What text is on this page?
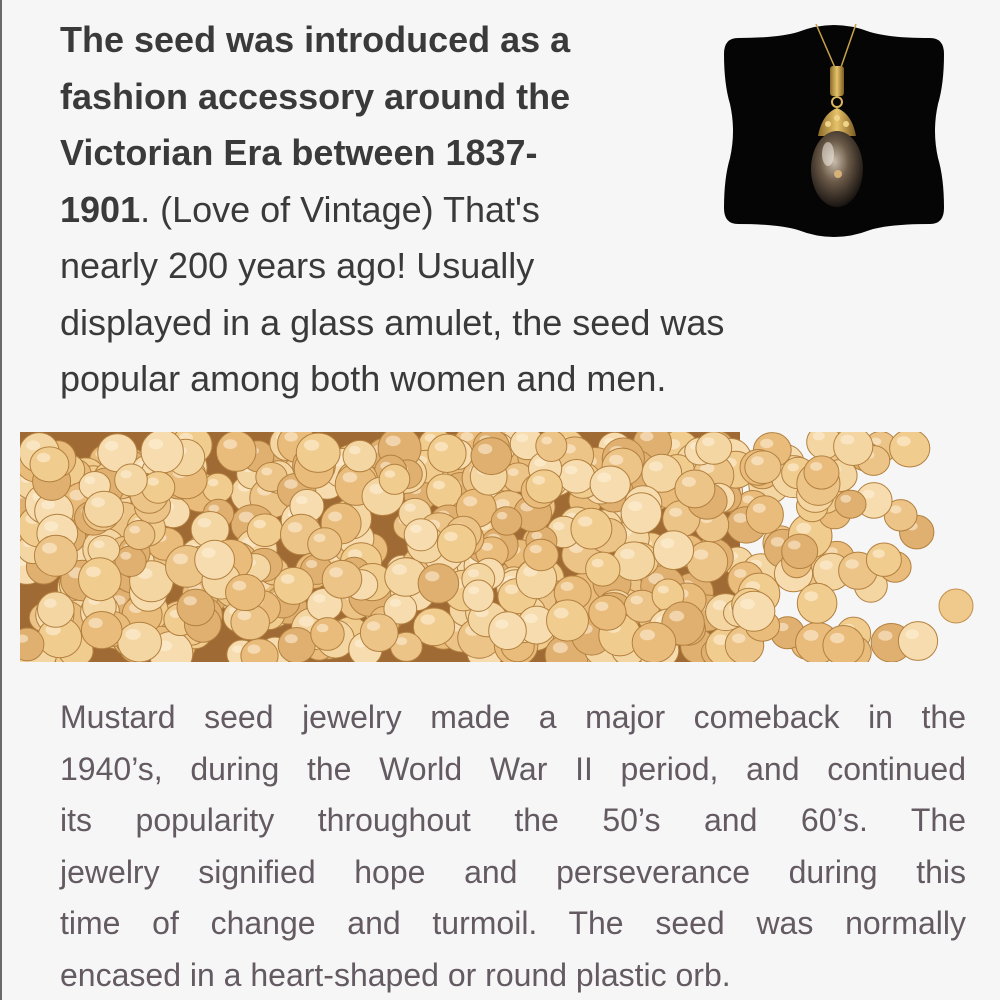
The seed was introduced as a
fashion accessory around the
Victorian Era between 1837-
1901. (Love of Vintage) That's
nearly 200 years ago! Usually
displayed in a glass amulet, the seed was
popular among both women and men.
Mustard seed jewelry made a major comeback in the
1940’s, during the World War II period, and continued
its popularity throughout the 50’s and 60’s. The
jewelry signified hope and perseverance during this
time of change and turmoil. The seed was normally
encased in a heart-shaped or round plastic orb.
